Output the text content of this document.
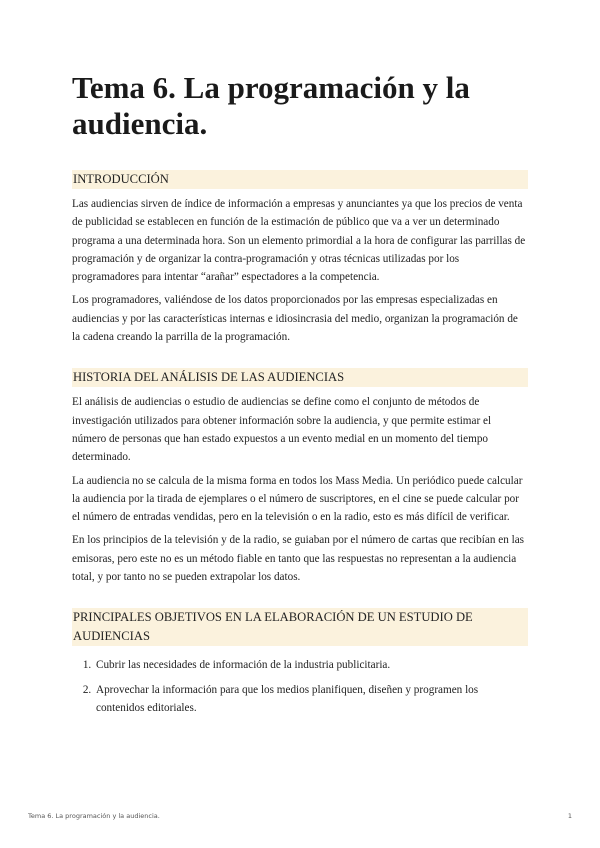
Tema 6. La programación y la audiencia.
INTRODUCCIÓN

Las audiencias sirven de índice de información a empresas y anunciantes ya que los precios de venta de publicidad se establecen en función de la estimación de público que va a ver un determinado programa a una determinada hora. Son un elemento primordial a la hora de configurar las parrillas de programación y de organizar la contra-programación y otras técnicas utilizadas por los programadores para intentar “arañar” espectadores a la competencia.

Los programadores, valiéndose de los datos proporcionados por las empresas especializadas en audiencias y por las características internas e idiosincrasia del medio, organizan la programación de la cadena creando la parrilla de la programación.

HISTORIA DEL ANÁLISIS DE LAS AUDIENCIAS

El análisis de audiencias o estudio de audiencias se define como el conjunto de métodos de investigación utilizados para obtener información sobre la audiencia, y que permite estimar el número de personas que han estado expuestos a un evento medial en un momento del tiempo determinado.

La audiencia no se calcula de la misma forma en todos los Mass Media. Un periódico puede calcular la audiencia por la tirada de ejemplares o el número de suscriptores, en el cine se puede calcular por el número de entradas vendidas, pero en la televisión o en la radio, esto es más difícil de verificar.

En los principios de la televisión y de la radio, se guiaban por el número de cartas que recibían en las emisoras, pero este no es un método fiable en tanto que las respuestas no representan a la audiencia total, y por tanto no se pueden extrapolar los datos.

PRINCIPALES OBJETIVOS EN LA ELABORACIÓN DE UN ESTUDIO DE AUDIENCIAS
1. Cubrir las necesidades de información de la industria publicitaria.
2. Aprovechar la información para que los medios planifiquen, diseñen y programen los contenidos editoriales.
Tema 6. La programación y la audiencia.	1
